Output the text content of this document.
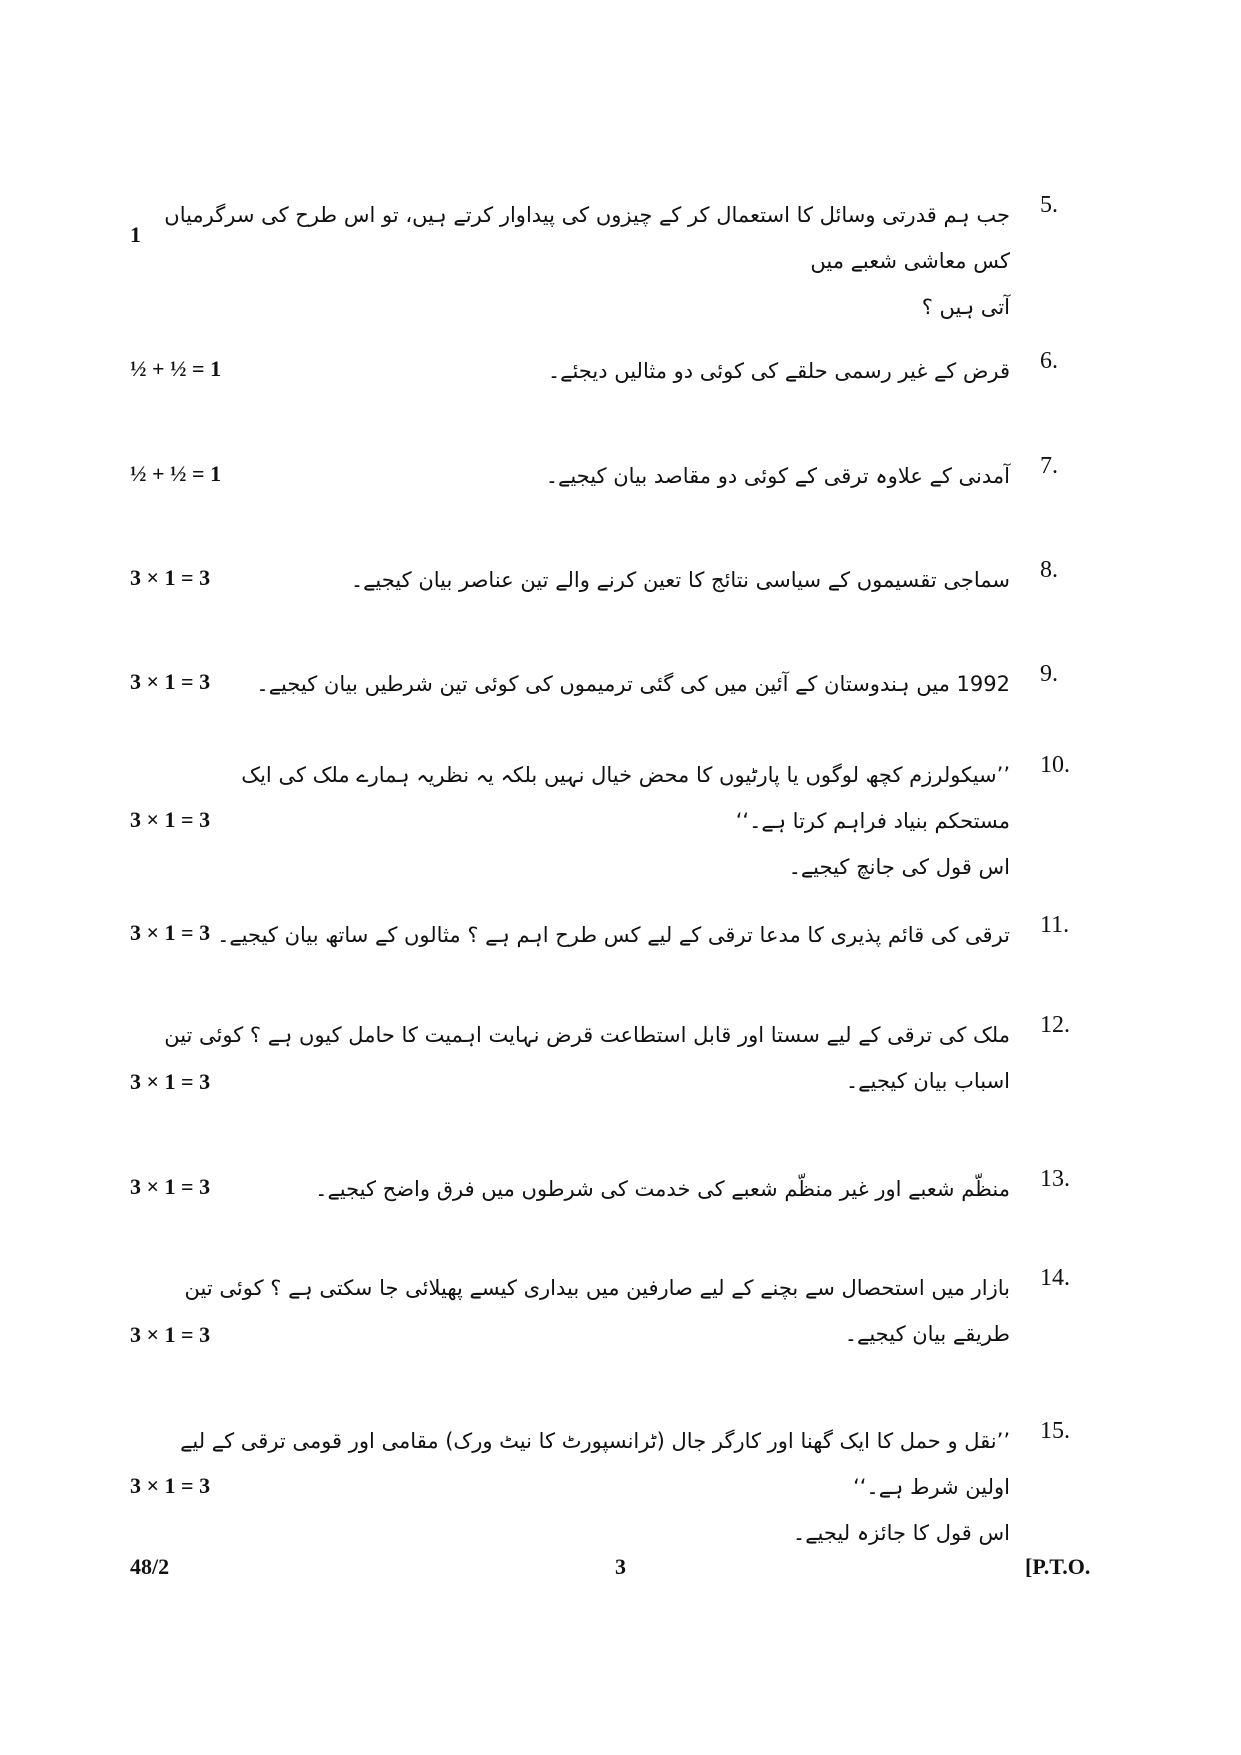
5.
جب ہم قدرتی وسائل کا استعمال کر کے چیزوں کی پیداوار کرتے ہیں، تو اس طرح کی سرگرمیاں کس معاشی شعبے میں
آتی ہیں ؟
1
6.
قرض کے غیر رسمی حلقے کی کوئی دو مثالیں دیجئے۔
½ + ½ = 1
7.
آمدنی کے علاوہ ترقی کے کوئی دو مقاصد بیان کیجیے۔
½ + ½ = 1
8.
سماجی تقسیموں کے سیاسی نتائج کا تعین کرنے والے تین عناصر بیان کیجیے۔
3 × 1 = 3
9.
1992 میں ہندوستان کے آئین میں کی گئی ترمیموں کی کوئی تین شرطیں بیان کیجیے۔
3 × 1 = 3
10.
’’سیکولرزم کچھ لوگوں یا پارٹیوں کا محض خیال نہیں بلکہ یہ نظریہ ہمارے ملک کی ایک مستحکم بنیاد فراہم کرتا ہے۔‘‘
اس قول کی جانچ کیجیے۔
3 × 1 = 3
11.
ترقی کی قائم پذیری کا مدعا ترقی کے لیے کس طرح اہم ہے ؟ مثالوں کے ساتھ بیان کیجیے۔
3 × 1 = 3
12.
ملک کی ترقی کے لیے سستا اور قابل استطاعت قرض نہایت اہمیت کا حامل کیوں ہے ؟ کوئی تین اسباب بیان کیجیے۔
3 × 1 = 3
13.
منظّم شعبے اور غیر منظّم شعبے کی خدمت کی شرطوں میں فرق واضح کیجیے۔
3 × 1 = 3
14.
بازار میں استحصال سے بچنے کے لیے صارفین میں بیداری کیسے پھیلائی جا سکتی ہے ؟ کوئی تین طریقے بیان کیجیے۔
3 × 1 = 3
15.
’’نقل و حمل کا ایک گھنا اور کارگر جال (ٹرانسپورٹ کا نیٹ ورک) مقامی اور قومی ترقی کے لیے اولین شرط ہے۔‘‘
اس قول کا جائزہ لیجیے۔
3 × 1 = 3
48/2	3	[P.T.O.
